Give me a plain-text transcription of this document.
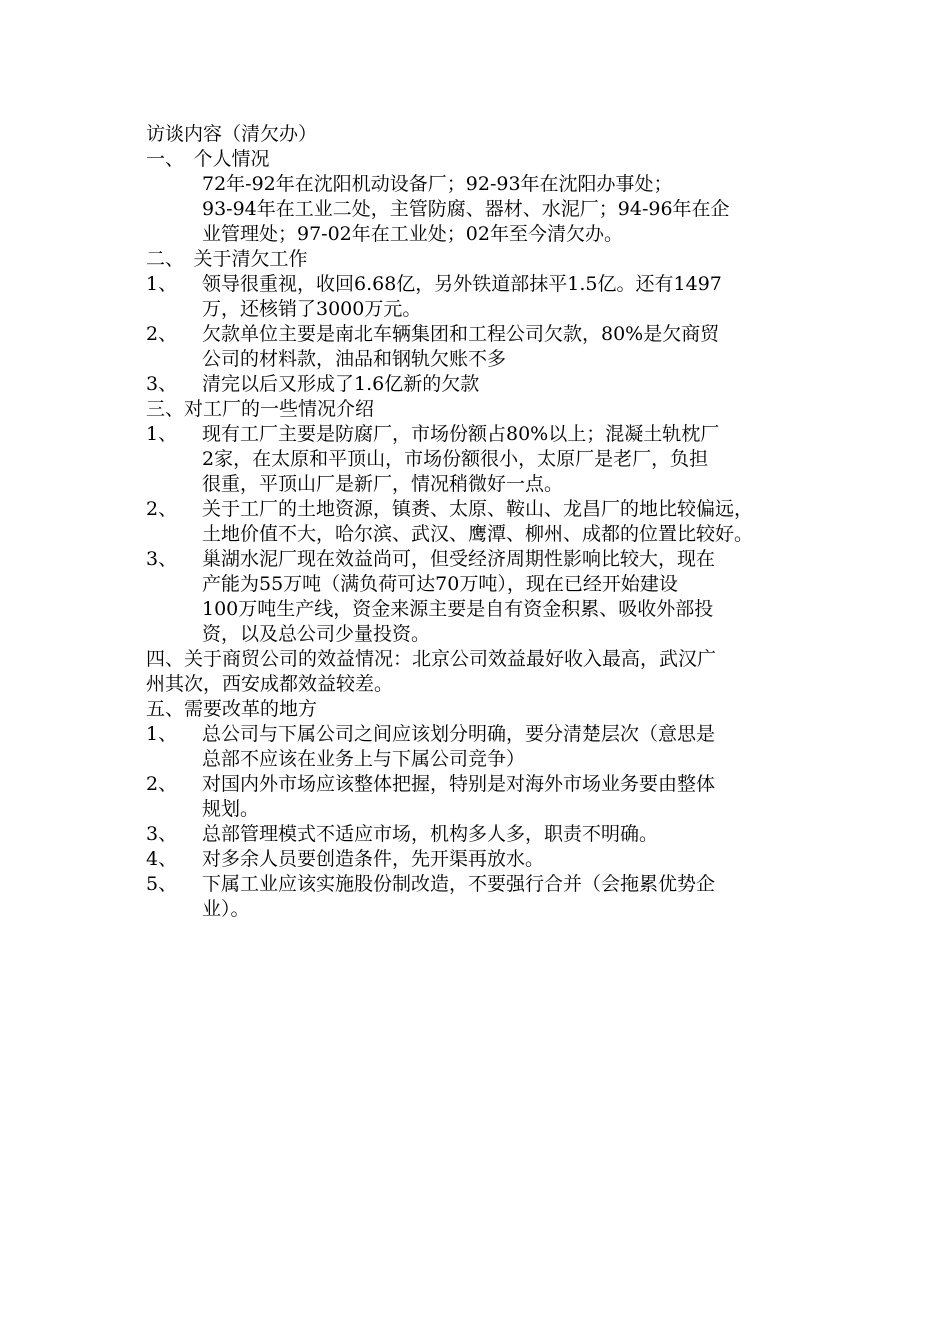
访谈内容（清欠办）
一、　个人情况
72年-92年在沈阳机动设备厂；92-93年在沈阳办事处；
93-94年在工业二处，主管防腐、器材、水泥厂；94-96年在企
业管理处；97-02年在工业处；02年至今清欠办。
二、　关于清欠工作
1、 领导很重视，收回6.68亿，另外铁道部抹平1.5亿。还有1497
万，还核销了3000万元。
2、 欠款单位主要是南北车辆集团和工程公司欠款，80%是欠商贸
公司的材料款，油品和钢轨欠账不多
3、 清完以后又形成了1.6亿新的欠款
三、对工厂的一些情况介绍
1、 现有工厂主要是防腐厂，市场份额占80%以上；混凝土轨枕厂
2家，在太原和平顶山，市场份额很小，太原厂是老厂，负担
很重，平顶山厂是新厂，情况稍微好一点。
2、 关于工厂的土地资源，镇赉、太原、鞍山、龙昌厂的地比较偏远，
土地价值不大，哈尔滨、武汉、鹰潭、柳州、成都的位置比较好。
3、 巢湖水泥厂现在效益尚可，但受经济周期性影响比较大，现在
产能为55万吨（满负荷可达70万吨），现在已经开始建设
100万吨生产线，资金来源主要是自有资金积累、吸收外部投
资，以及总公司少量投资。
四、关于商贸公司的效益情况：北京公司效益最好收入最高，武汉广
州其次，西安成都效益较差。
五、需要改革的地方
1、 总公司与下属公司之间应该划分明确，要分清楚层次（意思是
总部不应该在业务上与下属公司竞争）
2、 对国内外市场应该整体把握，特别是对海外市场业务要由整体
规划。
3、 总部管理模式不适应市场，机构多人多，职责不明确。
4、 对多余人员要创造条件，先开渠再放水。
5、 下属工业应该实施股份制改造，不要强行合并（会拖累优势企
业）。
